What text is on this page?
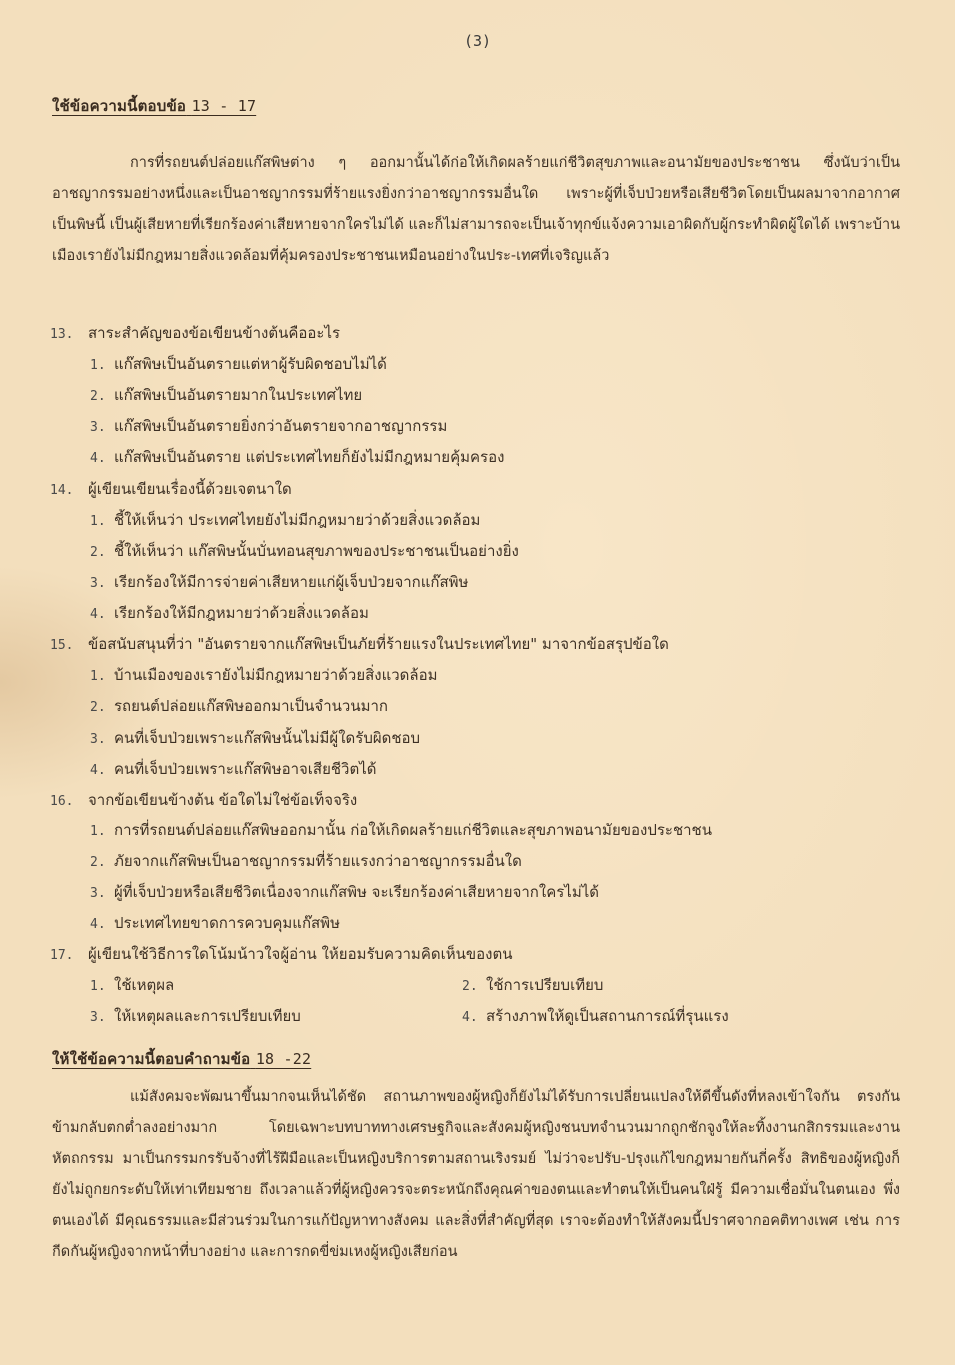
(3)
ใช้ข้อความนี้ตอบข้อ 13 - 17
การที่รถยนต์ปล่อยแก๊สพิษต่าง ๆ ออกมานั้นได้ก่อให้เกิดผลร้ายแก่ชีวิตสุขภาพและอนามัยของประชาชน ซึ่งนับว่าเป็นอาชญากรรมอย่างหนึ่งและเป็นอาชญากรรมที่ร้ายแรงยิ่งกว่าอาชญากรรมอื่นใด เพราะผู้ที่เจ็บป่วยหรือเสียชีวิตโดยเป็นผลมาจากอากาศเป็นพิษนี้ เป็นผู้เสียหายที่เรียกร้องค่าเสียหายจากใครไม่ได้ และก็ไม่สามารถจะเป็นเจ้าทุกข์แจ้งความเอาผิดกับผู้กระทำผิดผู้ใดได้ เพราะบ้านเมืองเรายังไม่มีกฎหมายสิ่งแวดล้อมที่คุ้มครองประชาชนเหมือนอย่างในประ-เทศที่เจริญแล้ว
13. สาระสำคัญของข้อเขียนข้างต้นคืออะไร
1. แก๊สพิษเป็นอันตรายแต่หาผู้รับผิดชอบไม่ได้
2. แก๊สพิษเป็นอันตรายมากในประเทศไทย
3. แก๊สพิษเป็นอันตรายยิ่งกว่าอันตรายจากอาชญากรรม
4. แก๊สพิษเป็นอันตราย แต่ประเทศไทยก็ยังไม่มีกฎหมายคุ้มครอง
14. ผู้เขียนเขียนเรื่องนี้ด้วยเจตนาใด
1. ชี้ให้เห็นว่า ประเทศไทยยังไม่มีกฎหมายว่าด้วยสิ่งแวดล้อม
2. ชี้ให้เห็นว่า แก๊สพิษนั้นบั่นทอนสุขภาพของประชาชนเป็นอย่างยิ่ง
3. เรียกร้องให้มีการจ่ายค่าเสียหายแก่ผู้เจ็บป่วยจากแก๊สพิษ
4. เรียกร้องให้มีกฎหมายว่าด้วยสิ่งแวดล้อม
15. ข้อสนับสนุนที่ว่า "อันตรายจากแก๊สพิษเป็นภัยที่ร้ายแรงในประเทศไทย" มาจากข้อสรุปข้อใด
1. บ้านเมืองของเรายังไม่มีกฎหมายว่าด้วยสิ่งแวดล้อม
2. รถยนต์ปล่อยแก๊สพิษออกมาเป็นจำนวนมาก
3. คนที่เจ็บป่วยเพราะแก๊สพิษนั้นไม่มีผู้ใดรับผิดชอบ
4. คนที่เจ็บป่วยเพราะแก๊สพิษอาจเสียชีวิตได้
16. จากข้อเขียนข้างต้น ข้อใดไม่ใช่ข้อเท็จจริง
1. การที่รถยนต์ปล่อยแก๊สพิษออกมานั้น ก่อให้เกิดผลร้ายแก่ชีวิตและสุขภาพอนามัยของประชาชน
2. ภัยจากแก๊สพิษเป็นอาชญากรรมที่ร้ายแรงกว่าอาชญากรรมอื่นใด
3. ผู้ที่เจ็บป่วยหรือเสียชีวิตเนื่องจากแก๊สพิษ จะเรียกร้องค่าเสียหายจากใครไม่ได้
4. ประเทศไทยขาดการควบคุมแก๊สพิษ
17. ผู้เขียนใช้วิธีการใดโน้มน้าวใจผู้อ่าน ให้ยอมรับความคิดเห็นของตน
1. ใช้เหตุผล	2. ใช้การเปรียบเทียบ
3. ให้เหตุผลและการเปรียบเทียบ	4. สร้างภาพให้ดูเป็นสถานการณ์ที่รุนแรง
ให้ใช้ข้อความนี้ตอบคำถามข้อ 18 -22
แม้สังคมจะพัฒนาขึ้นมากจนเห็นได้ชัด สถานภาพของผู้หญิงก็ยังไม่ได้รับการเปลี่ยนแปลงให้ดีขึ้นดังที่หลงเข้าใจกัน ตรงกันข้ามกลับตกต่ำลงอย่างมาก โดยเฉพาะบทบาททางเศรษฐกิจและสังคมผู้หญิงชนบทจำนวนมากถูกชักจูงให้ละทิ้งงานกสิกรรมและงานหัตถกรรม มาเป็นกรรมกรรับจ้างที่ไร้ฝีมือและเป็นหญิงบริการตามสถานเริงรมย์ ไม่ว่าจะปรับ-ปรุงแก้ไขกฎหมายกันกี่ครั้ง สิทธิของผู้หญิงก็ยังไม่ถูกยกระดับให้เท่าเทียมชาย ถึงเวลาแล้วที่ผู้หญิงควรจะตระหนักถึงคุณค่าของตนและทำตนให้เป็นคนใฝ่รู้ มีความเชื่อมั่นในตนเอง พึ่งตนเองได้ มีคุณธรรมและมีส่วนร่วมในการแก้ปัญหาทางสังคม และสิ่งที่สำคัญที่สุด เราจะต้องทำให้สังคมนี้ปราศจากอคติทางเพศ เช่น การกีดกันผู้หญิงจากหน้าที่บางอย่าง และการกดขี่ข่มเหงผู้หญิงเสียก่อน
